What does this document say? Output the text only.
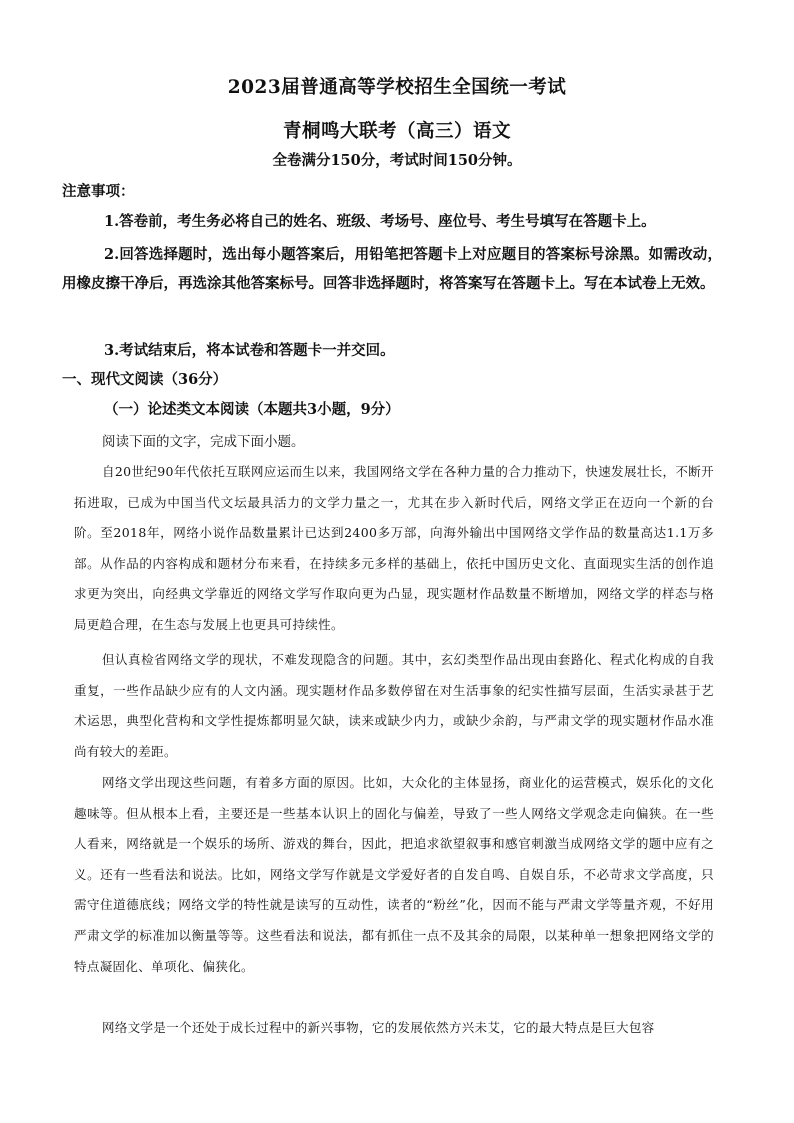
2023届普通高等学校招生全国统一考试
青桐鸣大联考（高三）语文
全卷满分150分，考试时间150分钟。
注意事项：
1.答卷前，考生务必将自己的姓名、班级、考场号、座位号、考生号填写在答题卡上。
2.回答选择题时，选出每小题答案后，用铅笔把答题卡上对应题目的答案标号涂黑。如需改动，用橡皮擦干净后，再选涂其他答案标号。回答非选择题时，将答案写在答题卡上。写在本试卷上无效。
3.考试结束后，将本试卷和答题卡一并交回。
一、现代文阅读（36分）
（一）论述类文本阅读（本题共3小题，9分）
阅读下面的文字，完成下面小题。
自20世纪90年代依托互联网应运而生以来，我国网络文学在各种力量的合力推动下，快速发展壮长，不断开拓进取，已成为中国当代文坛最具活力的文学力量之一，尤其在步入新时代后，网络文学正在迈向一个新的台阶。至2018年，网络小说作品数量累计已达到2400多万部，向海外输出中国网络文学作品的数量高达1.1万多部。从作品的内容构成和题材分布来看，在持续多元多样的基础上，依托中国历史文化、直面现实生活的创作追求更为突出，向经典文学靠近的网络文学写作取向更为凸显，现实题材作品数量不断增加，网络文学的样态与格局更趋合理，在生态与发展上也更具可持续性。
但认真检省网络文学的现状，不难发现隐含的问题。其中，玄幻类型作品出现由套路化、程式化构成的自我重复，一些作品缺少应有的人文内涵。现实题材作品多数停留在对生活事象的纪实性描写层面，生活实录甚于艺术运思，典型化营构和文学性提炼都明显欠缺，读来或缺少内力，或缺少余韵，与严肃文学的现实题材作品水准尚有较大的差距。
网络文学出现这些问题，有着多方面的原因。比如，大众化的主体显扬，商业化的运营模式，娱乐化的文化趣味等。但从根本上看，主要还是一些基本认识上的固化与偏差，导致了一些人网络文学观念走向偏狭。在一些人看来，网络就是一个娱乐的场所、游戏的舞台，因此，把追求欲望叙事和感官刺激当成网络文学的题中应有之义。还有一些看法和说法。比如，网络文学写作就是文学爱好者的自发自鸣、自娱自乐，不必苛求文学高度，只需守住道德底线；网络文学的特性就是读写的互动性，读者的“粉丝”化，因而不能与严肃文学等量齐观，不好用严肃文学的标准加以衡量等等。这些看法和说法，都有抓住一点不及其余的局限，以某种单一想象把网络文学的特点凝固化、单项化、偏狭化。
网络文学是一个还处于成长过程中的新兴事物，它的发展依然方兴未艾，它的最大特点是巨大包容
